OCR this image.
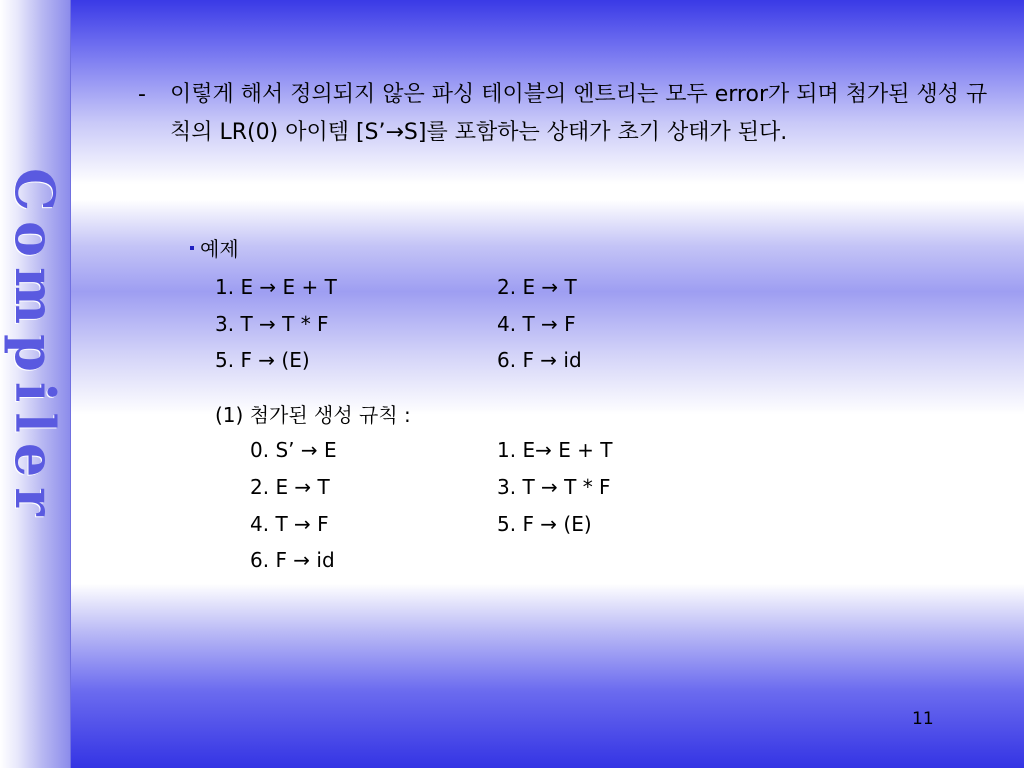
Compiler
- 이렇게 해서 정의되지 않은 파싱 테이블의 엔트리는 모두 error가 되며 첨가된 생성 규칙의 LR(0) 아이템 [S’→S]를 포함하는 상태가 초기 상태가 된다.
예제
1. E → E + T	2. E → T
3. T → T * F	4. T → F
5. F → (E)	6. F → id
(1) 첨가된 생성 규칙 :
0. S’ → E	1. E→ E + T
2. E → T	3. T → T * F
4. T → F	5. F → (E)
6. F → id
11
